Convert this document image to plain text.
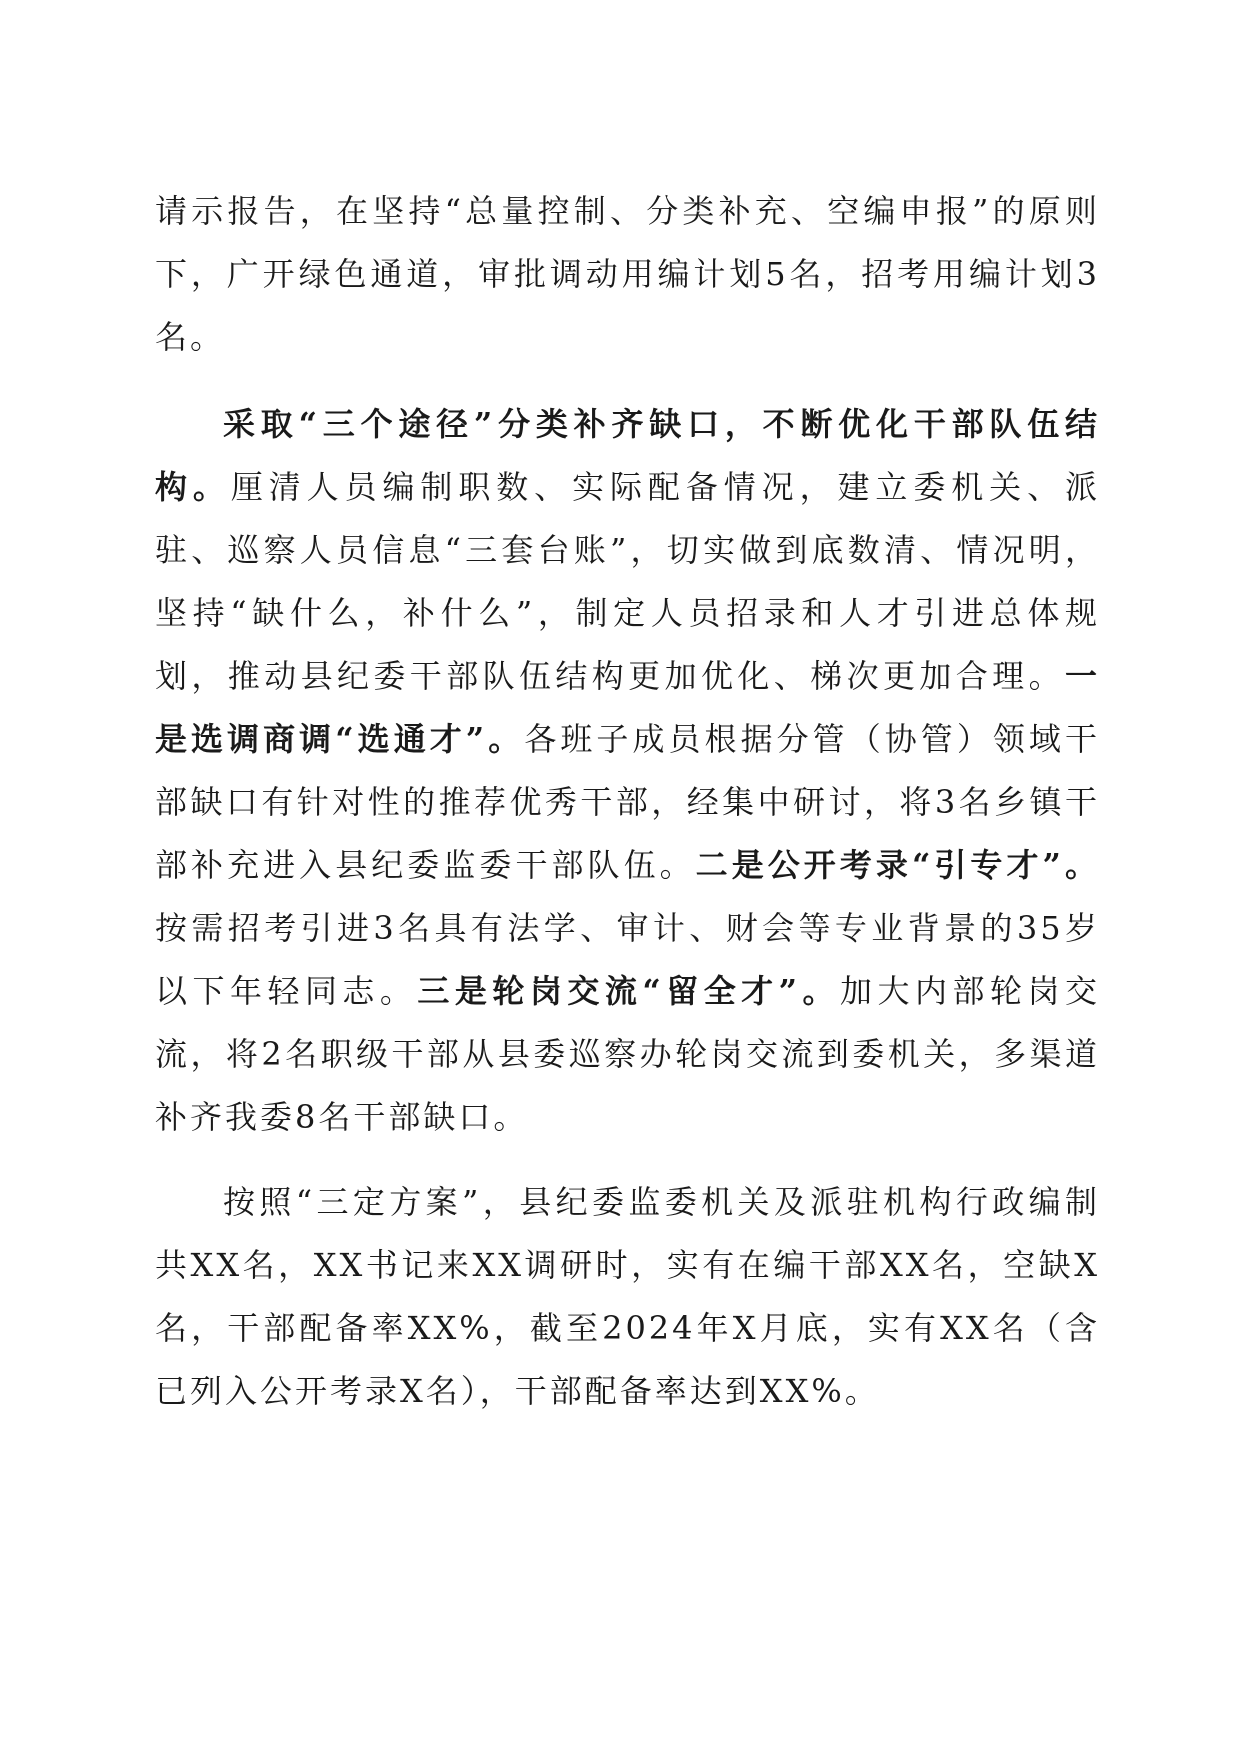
请示报告，在坚持“总量控制、分类补充、空编申报”的原则下，广开绿色通道，审批调动用编计划5名，招考用编计划3名。

采取“三个途径”分类补齐缺口，不断优化干部队伍结构。厘清人员编制职数、实际配备情况，建立委机关、派驻、巡察人员信息“三套台账”，切实做到底数清、情况明，坚持“缺什么，补什么”，制定人员招录和人才引进总体规划，推动县纪委干部队伍结构更加优化、梯次更加合理。一是选调商调“选通才”。各班子成员根据分管（协管）领域干部缺口有针对性的推荐优秀干部，经集中研讨，将3名乡镇干部补充进入县纪委监委干部队伍。二是公开考录“引专才”。按需招考引进3名具有法学、审计、财会等专业背景的35岁以下年轻同志。三是轮岗交流“留全才”。加大内部轮岗交流，将2名职级干部从县委巡察办轮岗交流到委机关，多渠道补齐我委8名干部缺口。

按照“三定方案”，县纪委监委机关及派驻机构行政编制共XX名，XX书记来XX调研时，实有在编干部XX名，空缺X名，干部配备率XX%，截至2024年X月底，实有XX名（含已列入公开考录X名），干部配备率达到XX%。
